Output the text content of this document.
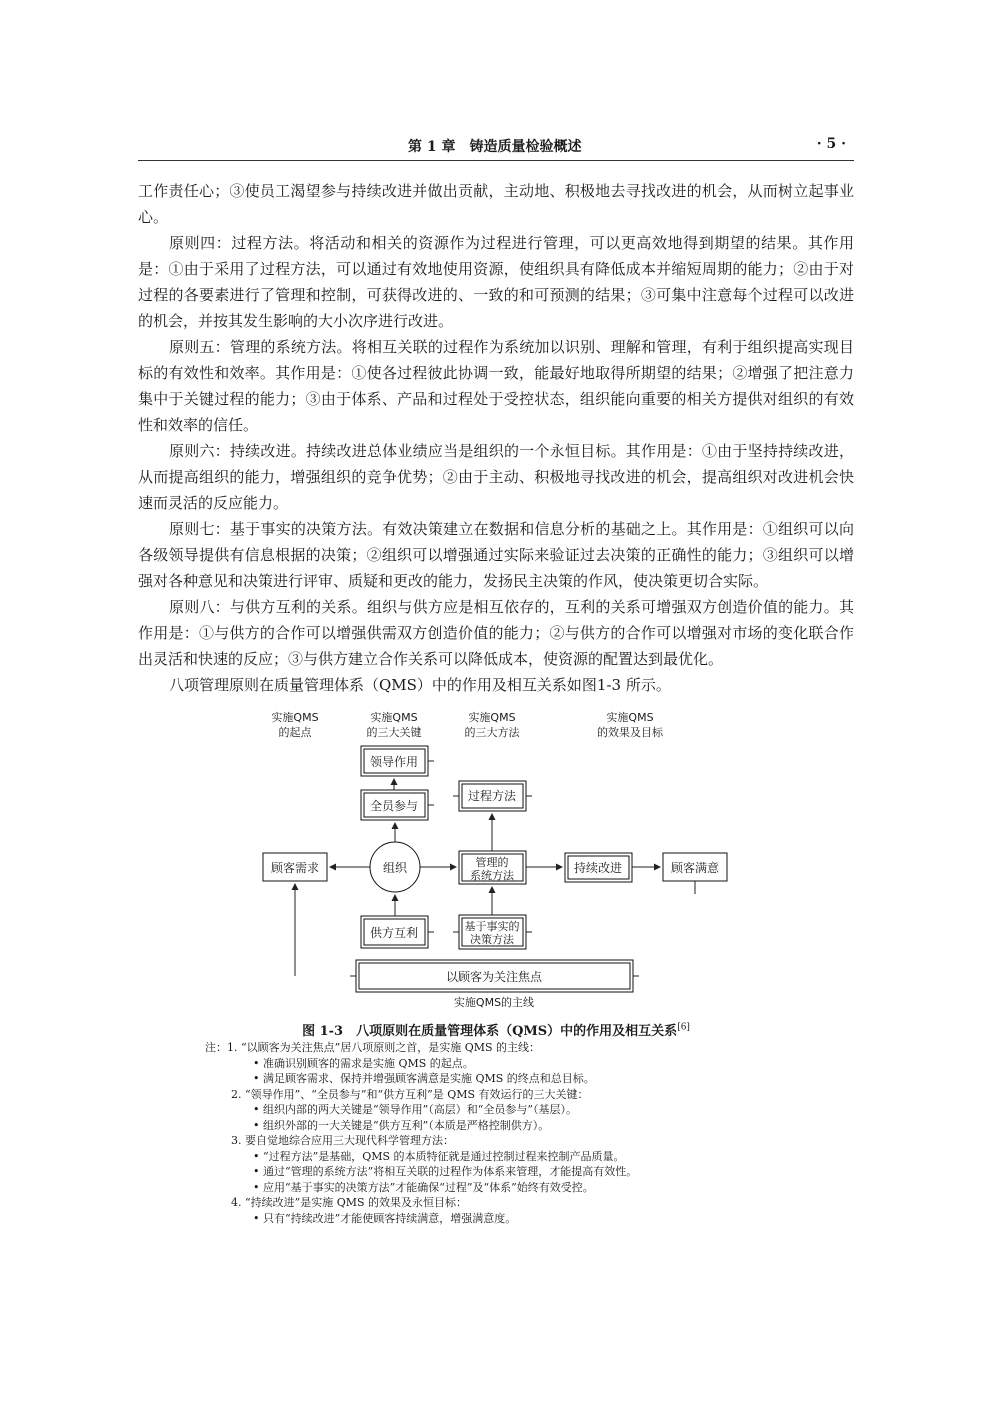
第 1 章　铸造质量检验概述	· 5 ·

工作责任心；③使员工渴望参与持续改进并做出贡献，主动地、积极地去寻找改进的机会，从而树立起事业心。

原则四：过程方法。将活动和相关的资源作为过程进行管理，可以更高效地得到期望的结果。其作用是：①由于采用了过程方法，可以通过有效地使用资源，使组织具有降低成本并缩短周期的能力；②由于对过程的各要素进行了管理和控制，可获得改进的、一致的和可预测的结果；③可集中注意每个过程可以改进的机会，并按其发生影响的大小次序进行改进。

原则五：管理的系统方法。将相互关联的过程作为系统加以识别、理解和管理，有利于组织提高实现目标的有效性和效率。其作用是：①使各过程彼此协调一致，能最好地取得所期望的结果；②增强了把注意力集中于关键过程的能力；③由于体系、产品和过程处于受控状态，组织能向重要的相关方提供对组织的有效性和效率的信任。

原则六：持续改进。持续改进总体业绩应当是组织的一个永恒目标。其作用是：①由于坚持持续改进，从而提高组织的能力，增强组织的竞争优势；②由于主动、积极地寻找改进的机会，提高组织对改进机会快速而灵活的反应能力。

原则七：基于事实的决策方法。有效决策建立在数据和信息分析的基础之上。其作用是：①组织可以向各级领导提供有信息根据的决策；②组织可以增强通过实际来验证过去决策的正确性的能力；③组织可以增强对各种意见和决策进行评审、质疑和更改的能力，发扬民主决策的作风，使决策更切合实际。

原则八：与供方互利的关系。组织与供方应是相互依存的，互利的关系可增强双方创造价值的能力。其作用是：①与供方的合作可以增强供需双方创造价值的能力；②与供方的合作可以增强对市场的变化联合作出灵活和快速的反应；③与供方建立合作关系可以降低成本，使资源的配置达到最优化。

八项管理原则在质量管理体系（QMS）中的作用及相互关系如图1-3 所示。

实施QMS
的起点
实施QMS
的三大关键
实施QMS
的三大方法
实施QMS
的效果及目标
领导作用
全员参与
过程方法
顾客需求	组织	管理的
系统方法
持续改进	顾客满意
供方互利	基于事实的
决策方法
以顾客为关注焦点
实施QMS的主线
图 1-3　八项原则在质量管理体系（QMS）中的作用及相互关系[6]
注：1. “以顾客为关注焦点”居八项原则之首，是实施 QMS 的主线：
• 准确识别顾客的需求是实施 QMS 的起点。
• 满足顾客需求、保持并增强顾客满意是实施 QMS 的终点和总目标。
2. “领导作用”、“全员参与”和“供方互利”是 QMS 有效运行的三大关键：
• 组织内部的两大关键是“领导作用”（高层）和“全员参与”（基层）。
• 组织外部的一大关键是“供方互利”（本质是严格控制供方）。
3. 要自觉地综合应用三大现代科学管理方法：
• “过程方法”是基础，QMS 的本质特征就是通过控制过程来控制产品质量。
• 通过“管理的系统方法”将相互关联的过程作为体系来管理，才能提高有效性。
• 应用“基于事实的决策方法”才能确保“过程”及“体系”始终有效受控。
4. “持续改进”是实施 QMS 的效果及永恒目标：
• 只有“持续改进”才能使顾客持续满意，增强满意度。
